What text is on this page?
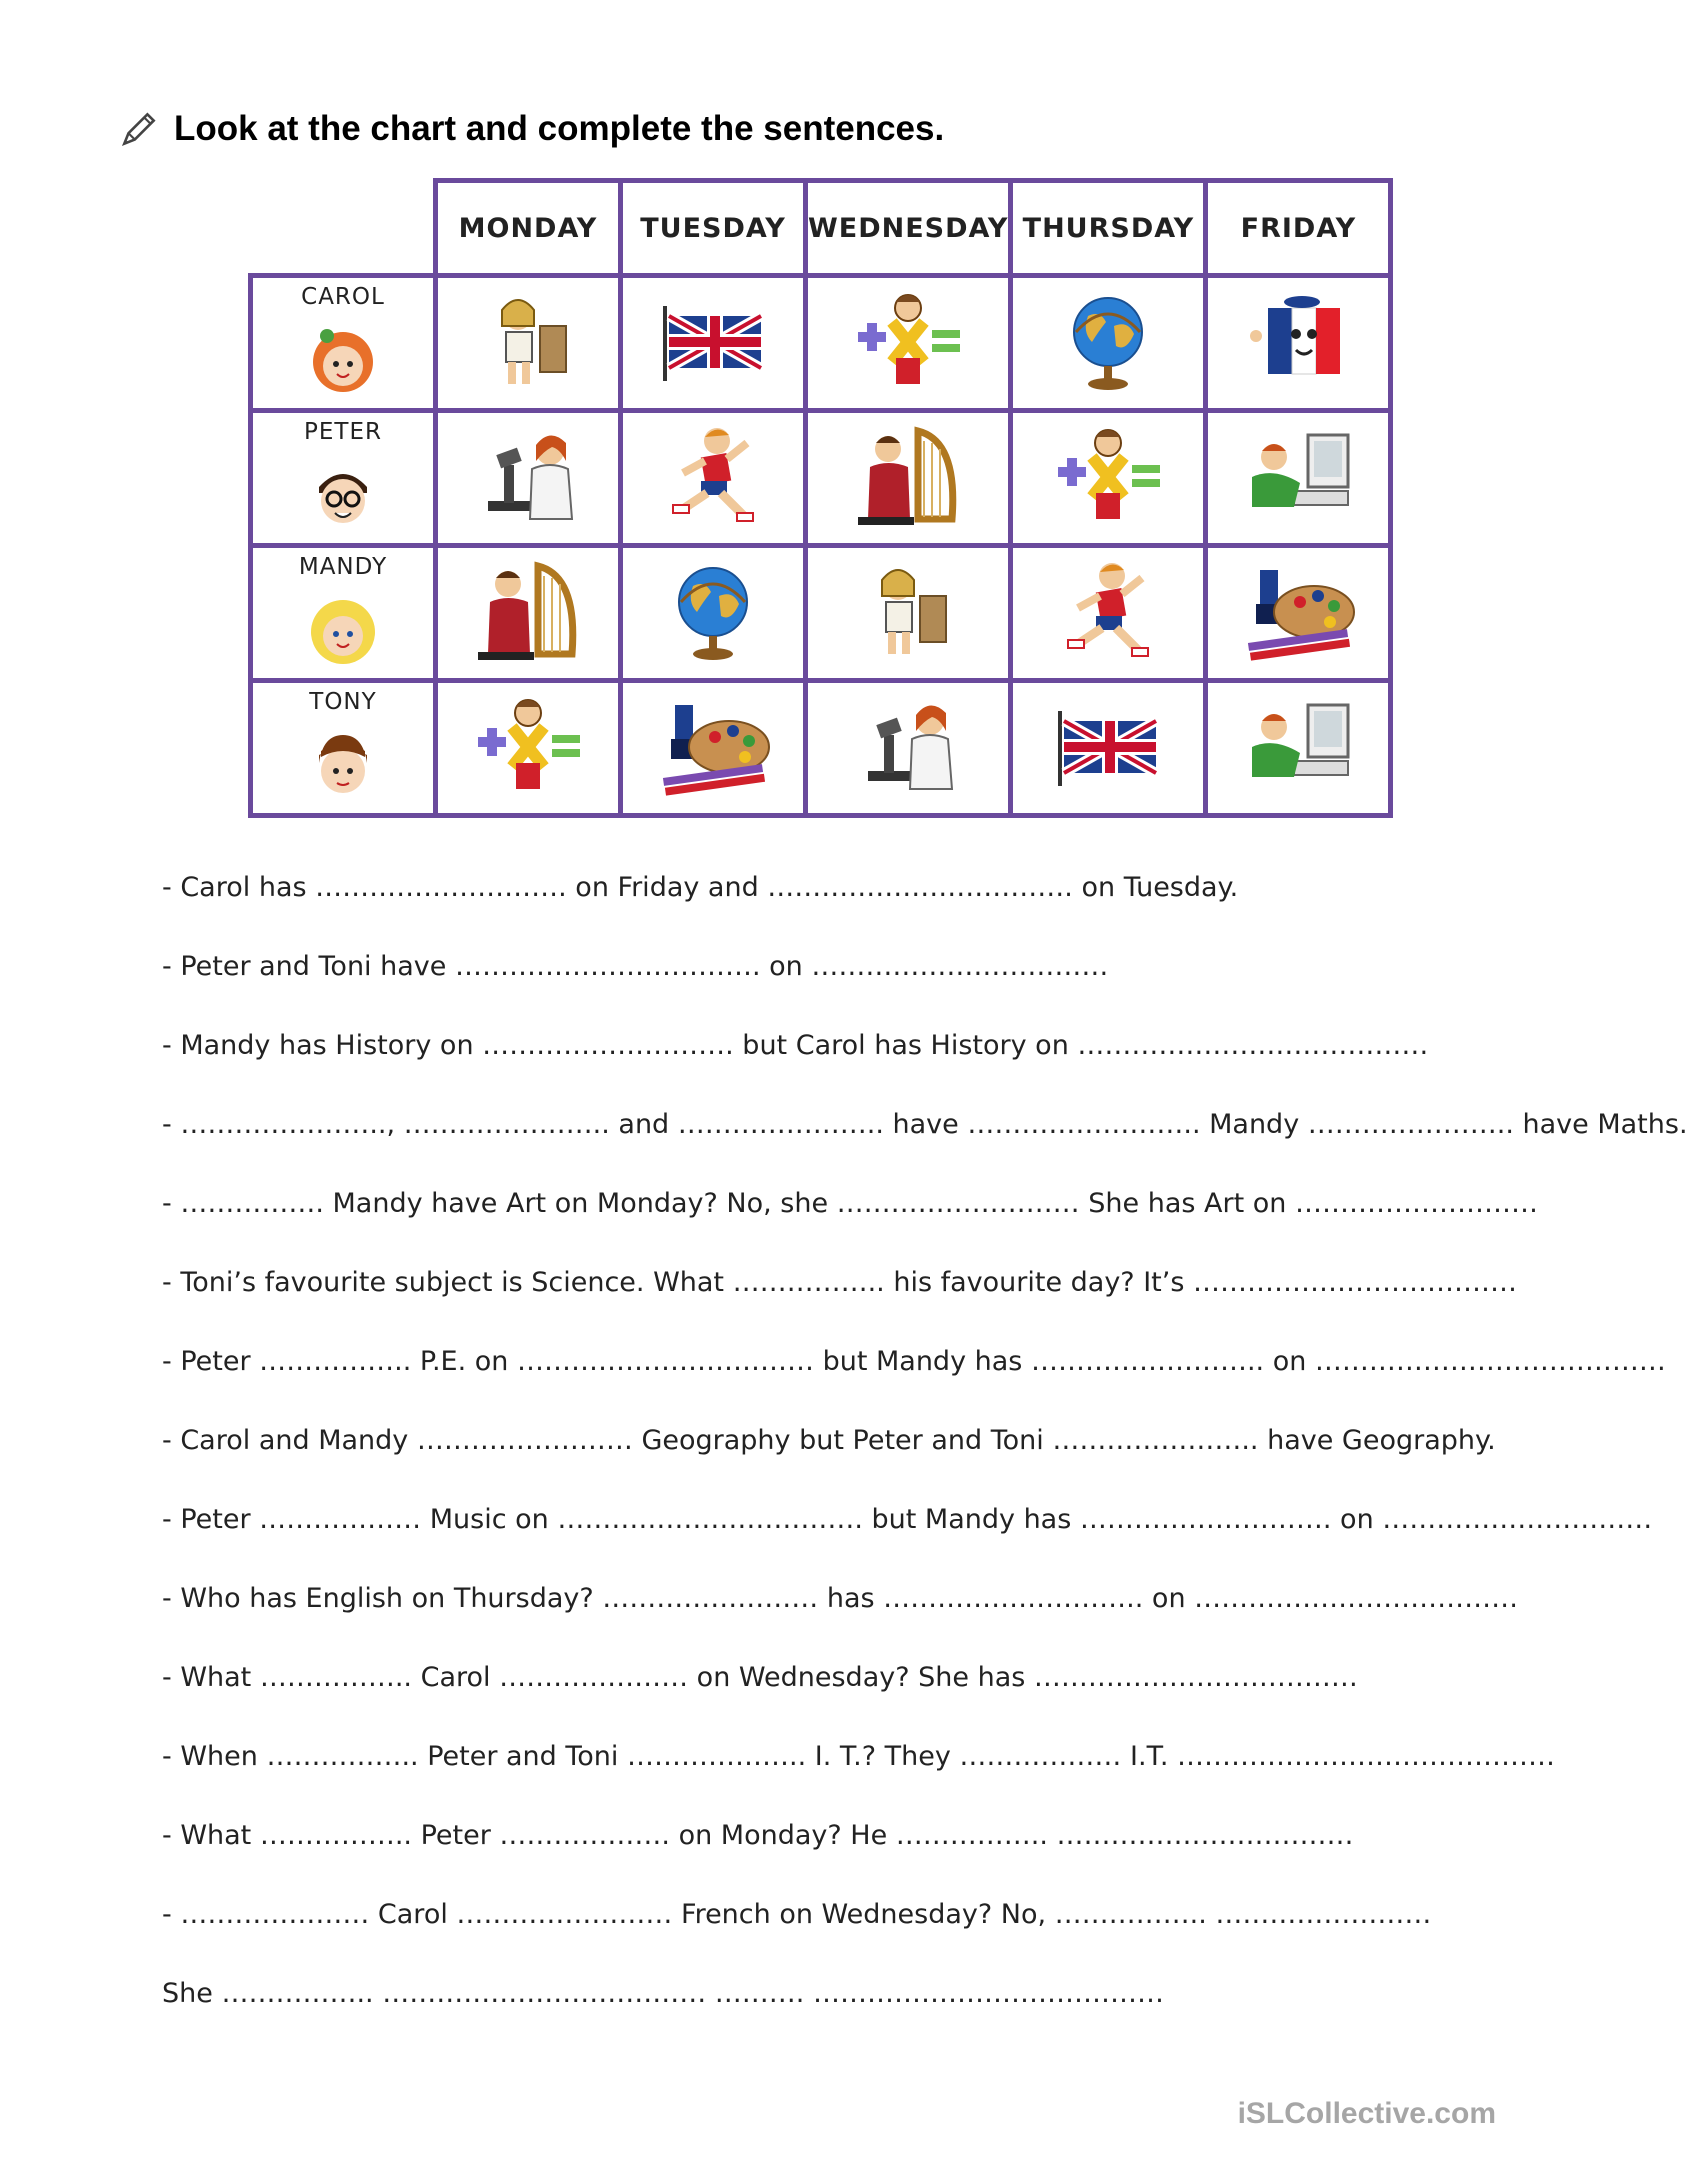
Look at the chart and complete the sentences.
	MONDAY	TUESDAY	WEDNESDAY	THURSDAY	FRIDAY

CAROL

PETER

MANDY

TONY

- Carol has ………………………. on Friday and ……………………………. on Tuesday.
- Peter and Toni have ……………………………. on ……………………………
- Mandy has History on ………………………. but Carol has History on …………………………………
- ………………….., ………………….. and ………………….. have …………………….. Mandy ………………….. have Maths.
- ……………. Mandy have Art on Monday? No, she ……………………… She has Art on ………………………
- Toni’s favourite subject is Science. What …………….. his favourite day? It’s ………………………………
- Peter …………….. P.E. on …………………………… but Mandy has …………………….. on …………………………………
- Carol and Mandy …………………… Geography but Peter and Toni ………………….. have Geography.
- Peter ……………… Music on ……………………………. but Mandy has ………………………. on …………………………
- Who has English on Thursday? …………………… has ……………………….. on ………………………………
- What …………….. Carol ………………… on Wednesday? She has ………………………………
- When …………….. Peter and Toni ……………….. I. T.? They ……………… I.T. ……………………………………
- What …………….. Peter ………………. on Monday? He …………….. ……………………………
- ………………… Carol …………………… French on Wednesday? No, …………….. ……………………
She …………….. ……………………………… ………. …………………………………
iSLCollective.com
